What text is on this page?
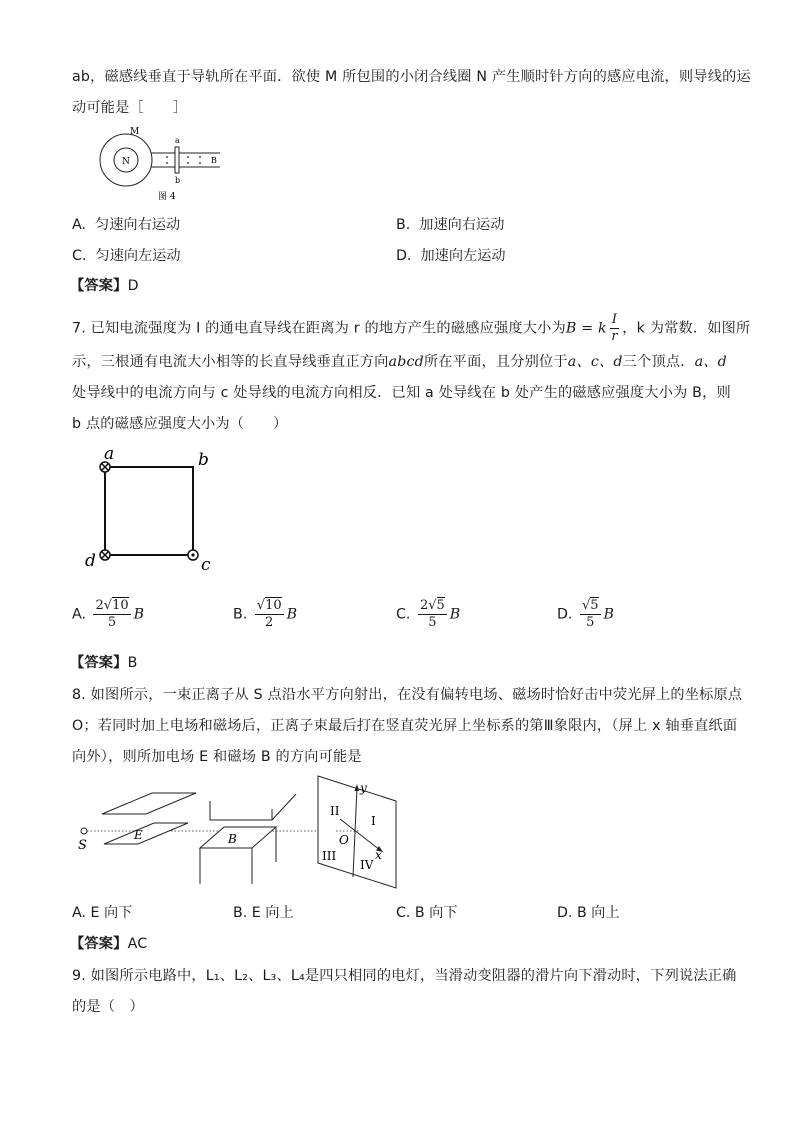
ab，磁感线垂直于导轨所在平面．欲使 M 所包围的小闭合线圈 N 产生顺时针方向的感应电流，则导线的运
动可能是［　　］
M
N
a
b
B
图 4
A. 匀速向右运动	B. 加速向右运动
C. 匀速向左运动	D. 加速向左运动
【答案】D
7. 已知电流强度为 I 的通电直导线在距离为 r 的地方产生的磁感应强度大小为B = k $\frac{I}{r}$ ，k 为常数．如图所
示，三根通有电流大小相等的长直导线垂直正方向abcd所在平面，且分别位于a、c、d三个顶点．a、d
处导线中的电流方向与 c 处导线的电流方向相反．已知 a 处导线在 b 处产生的磁感应强度大小为 B，则
b 点的磁感应强度大小为（　　）
a	b
c
d
A. $\frac{2√10}{5}$ B	B. $\frac{√10}{2}$ B	C. $\frac{2√5}{5}$ B	D. $\frac{√5}{5}$ B
【答案】B
8. 如图所示，一束正离子从 S 点沿水平方向射出，在没有偏转电场、磁场时恰好击中荧光屏上的坐标原点
O；若同时加上电场和磁场后，正离子束最后打在竖直荧光屏上坐标系的第Ⅲ象限内，（屏上 x 轴垂直纸面
向外），则所加电场 E 和磁场 B 的方向可能是
S
E	B
y
x
O
I
II
III
IV
A. E 向下	B. E 向上	C. B 向下	D. B 向上
【答案】AC
9. 如图所示电路中，L₁、L₂、L₃、L₄是四只相同的电灯，当滑动变阻器的滑片向下滑动时，下列说法正确
的是（　）
